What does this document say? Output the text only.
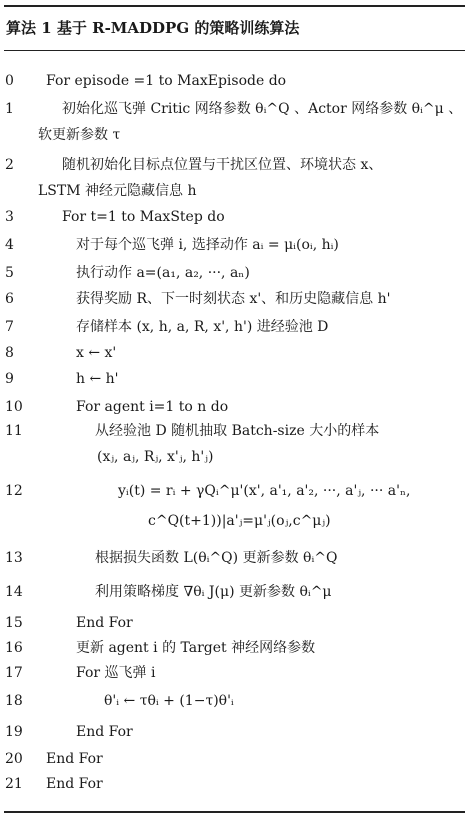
算法 1 基于 R-MADDPG 的策略训练算法
0 For episode =1 to MaxEpisode do
1	初始化巡飞弹 Critic 网络参数 θᵢ^Q 、Actor 网络参数 θᵢ^μ 、
软更新参数 τ
2	随机初始化目标点位置与干扰区位置、环境状态 x、
LSTM 神经元隐藏信息 h
3	For t=1 to MaxStep do
4	对于每个巡飞弹 i, 选择动作 aᵢ = μᵢ(oᵢ, hᵢ)
5	执行动作 a=(a₁, a₂, ···, aₙ)
6	获得奖励 R、下一时刻状态 x'、和历史隐藏信息 h'
7	存储样本 (x, h, a, R, x', h') 进经验池 D
8	x ← x'
9	h ← h'
10	For agent i=1 to n do
11	从经验池 D 随机抽取 Batch-size 大小的样本
(xⱼ, aⱼ, Rⱼ, x'ⱼ, h'ⱼ)
12	yᵢ(t) = rᵢ + γQᵢ^μ'(x', a'₁, a'₂, ···, a'ⱼ, ··· a'ₙ,
c^Q(t+1))|a'ⱼ=μ'ⱼ(oⱼ,c^μⱼ)
13	根据损失函数 L(θᵢ^Q) 更新参数 θᵢ^Q
14	利用策略梯度 ∇θᵢ J(μ) 更新参数 θᵢ^μ
15	End For
16	更新 agent i 的 Target 神经网络参数
17	For 巡飞弹 i
18	θ'ᵢ ← τθᵢ + (1−τ)θ'ᵢ
19	End For
20 End For
21 End For
